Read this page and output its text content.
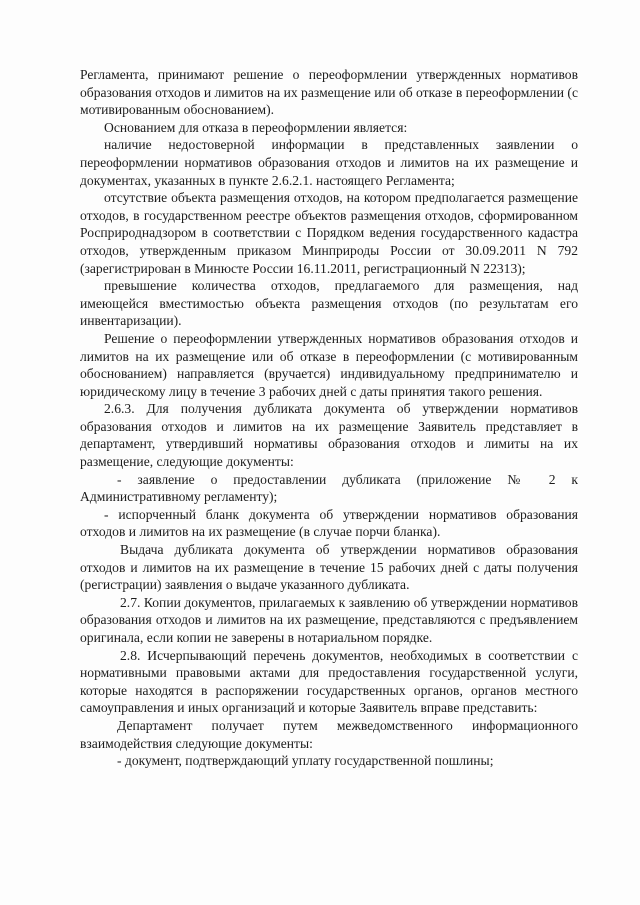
Регламента, принимают решение о переоформлении утвержденных нормативов образования отходов и лимитов на их размещение или об отказе в переоформлении (с мотивированным обоснованием).

Основанием для отказа в переоформлении является:

наличие недостоверной информации в представленных заявлении о переоформлении нормативов образования отходов и лимитов на их размещение и документах, указанных в пункте 2.6.2.1. настоящего Регламента;

отсутствие объекта размещения отходов, на котором предполагается размещение отходов, в государственном реестре объектов размещения отходов, сформированном Росприроднадзором в соответствии с Порядком ведения государственного кадастра отходов, утвержденным приказом Минприроды России от 30.09.2011 N 792 (зарегистрирован в Минюсте России 16.11.2011, регистрационный N 22313);

превышение количества отходов, предлагаемого для размещения, над имеющейся вместимостью объекта размещения отходов (по результатам его инвентаризации).

Решение о переоформлении утвержденных нормативов образования отходов и лимитов на их размещение или об отказе в переоформлении (с мотивированным обоснованием) направляется (вручается) индивидуальному предпринимателю и юридическому лицу в течение 3 рабочих дней с даты принятия такого решения.

2.6.3. Для получения дубликата документа об утверждении нормативов образования отходов и лимитов на их размещение Заявитель представляет в департамент, утвердивший нормативы образования отходов и лимиты на их размещение, следующие документы:

- заявление о предоставлении дубликата (приложение № 2 к Административному регламенту);

- испорченный бланк документа об утверждении нормативов образования отходов и лимитов на их размещение (в случае порчи бланка).

Выдача дубликата документа об утверждении нормативов образования отходов и лимитов на их размещение в течение 15 рабочих дней с даты получения (регистрации) заявления о выдаче указанного дубликата.

2.7. Копии документов, прилагаемых к заявлению об утверждении нормативов образования отходов и лимитов на их размещение, представляются с предъявлением оригинала, если копии не заверены в нотариальном порядке.

2.8. Исчерпывающий перечень документов, необходимых в соответствии с нормативными правовыми актами для предоставления государственной услуги, которые находятся в распоряжении государственных органов, органов местного самоуправления и иных организаций и которые Заявитель вправе представить:

Департамент получает путем межведомственного информационного взаимодействия следующие документы:

- документ, подтверждающий уплату государственной пошлины;
